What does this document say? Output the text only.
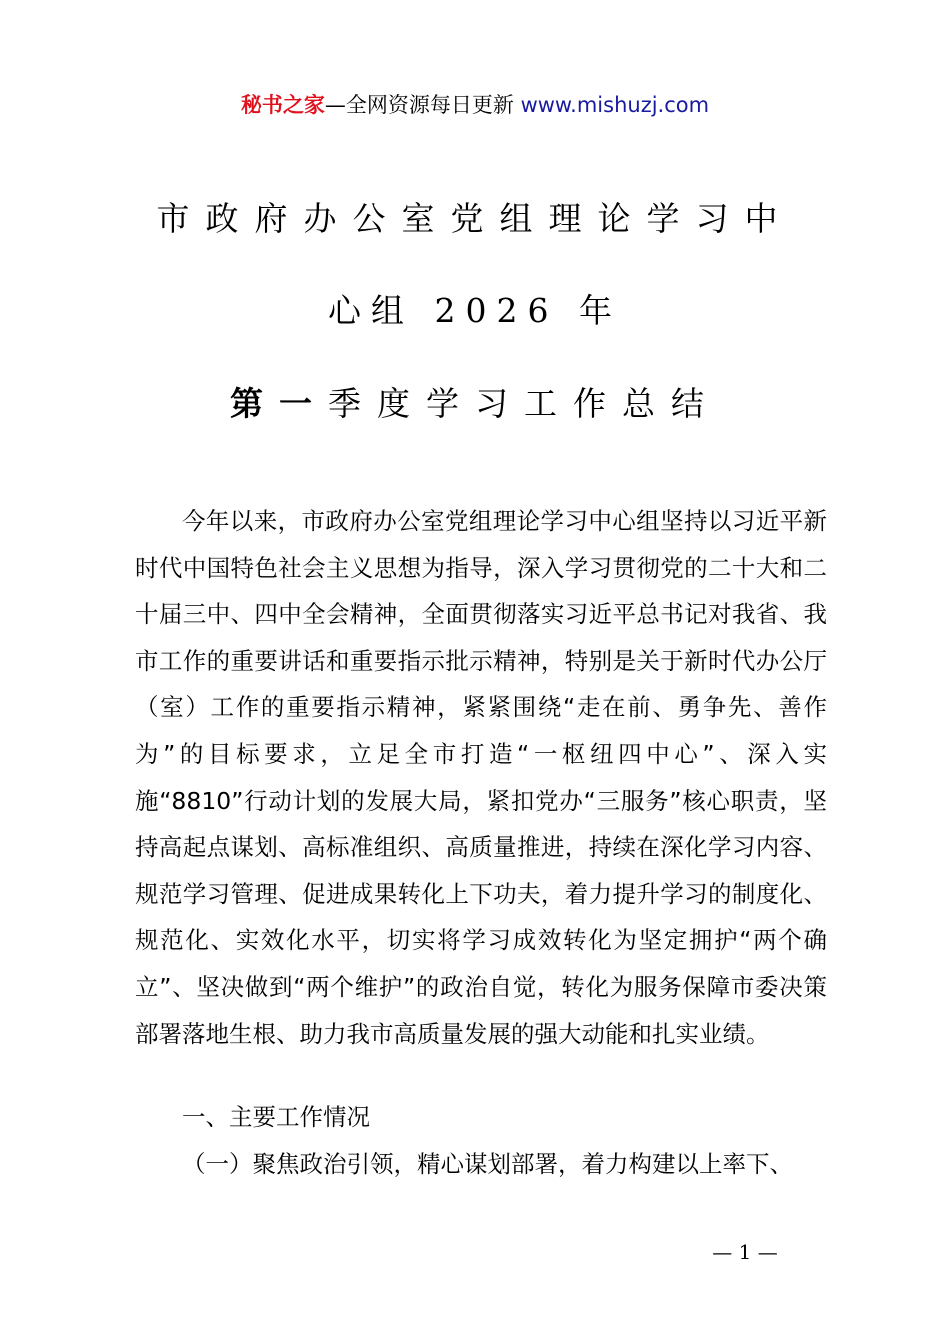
秘书之家—全网资源每日更新 www.mishuzj.com
市政府办公室党组理论学习中
心组 2026 年
第一季度学习工作总结
今年以来，市政府办公室党组理论学习中心组坚持以习近平新时代中国特色社会主义思想为指导，深入学习贯彻党的二十大和二十届三中、四中全会精神，全面贯彻落实习近平总书记对我省、我市工作的重要讲话和重要指示批示精神，特别是关于新时代办公厅（室）工作的重要指示精神，紧紧围绕“走在前、勇争先、善作为”的目标要求，立足全市打造“一枢纽四中心”、深入实施“8810”行动计划的发展大局，紧扣党办“三服务”核心职责，坚持高起点谋划、高标准组织、高质量推进，持续在深化学习内容、规范学习管理、促进成果转化上下功夫，着力提升学习的制度化、规范化、实效化水平，切实将学习成效转化为坚定拥护“两个确立”、坚决做到“两个维护”的政治自觉，转化为服务保障市委决策部署落地生根、助力我市高质量发展的强大动能和扎实业绩。
一、主要工作情况
（一）聚焦政治引领，精心谋划部署，着力构建以上率下、
— 1 —
